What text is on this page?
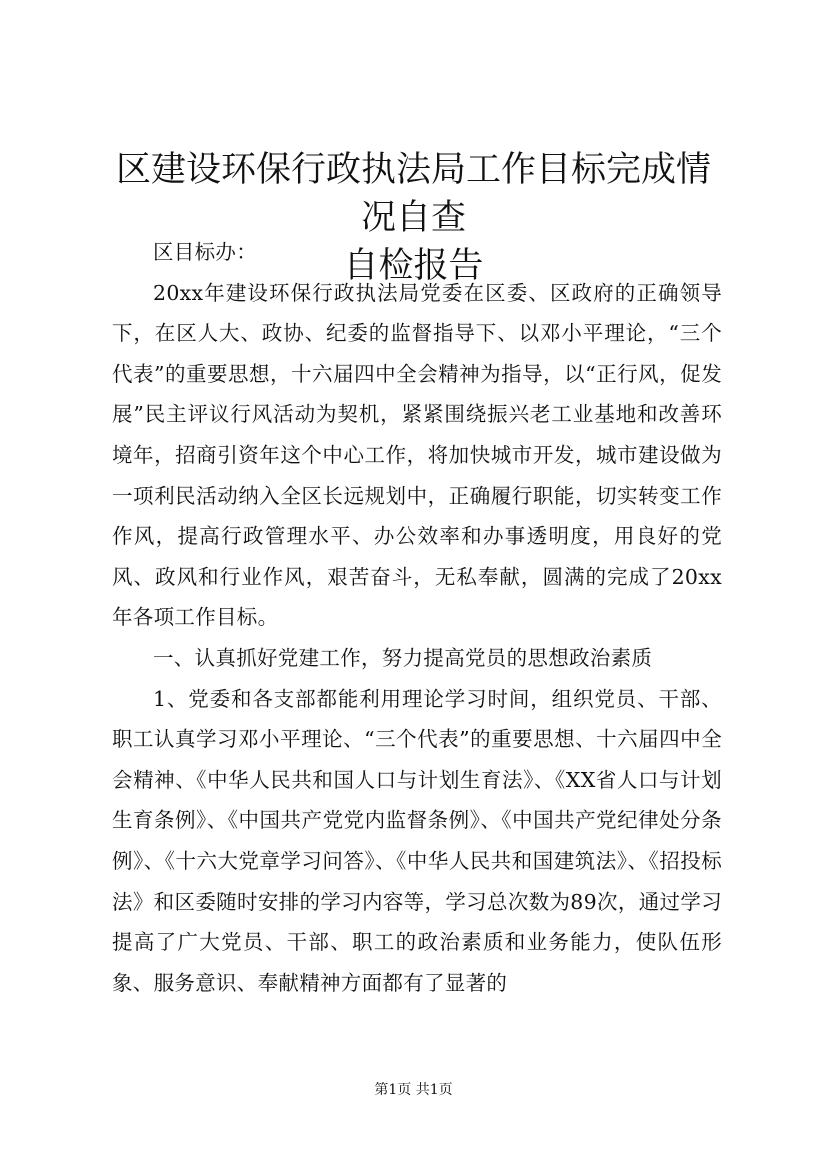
区建设环保行政执法局工作目标完成情况自查
自检报告

区目标办：

20xx年建设环保行政执法局党委在区委、区政府的正确领导下，在区人大、政协、纪委的监督指导下、以邓小平理论，“三个代表”的重要思想，十六届四中全会精神为指导，以“正行风，促发展”民主评议行风活动为契机，紧紧围绕振兴老工业基地和改善环境年，招商引资年这个中心工作，将加快城市开发，城市建设做为一项利民活动纳入全区长远规划中，正确履行职能，切实转变工作作风，提高行政管理水平、办公效率和办事透明度，用良好的党风、政风和行业作风，艰苦奋斗，无私奉献，圆满的完成了20xx年各项工作目标。

一、认真抓好党建工作，努力提高党员的思想政治素质

1、党委和各支部都能利用理论学习时间，组织党员、干部、职工认真学习邓小平理论、“三个代表”的重要思想、十六届四中全会精神、《中华人民共和国人口与计划生育法》、《XX省人口与计划生育条例》、《中国共产党党内监督条例》、《中国共产党纪律处分条例》、《十六大党章学习问答》、《中华人民共和国建筑法》、《招投标法》和区委随时安排的学习内容等，学习总次数为89次，通过学习提高了广大党员、干部、职工的政治素质和业务能力，使队伍形象、服务意识、奉献精神方面都有了显著的

第1页 共1页
